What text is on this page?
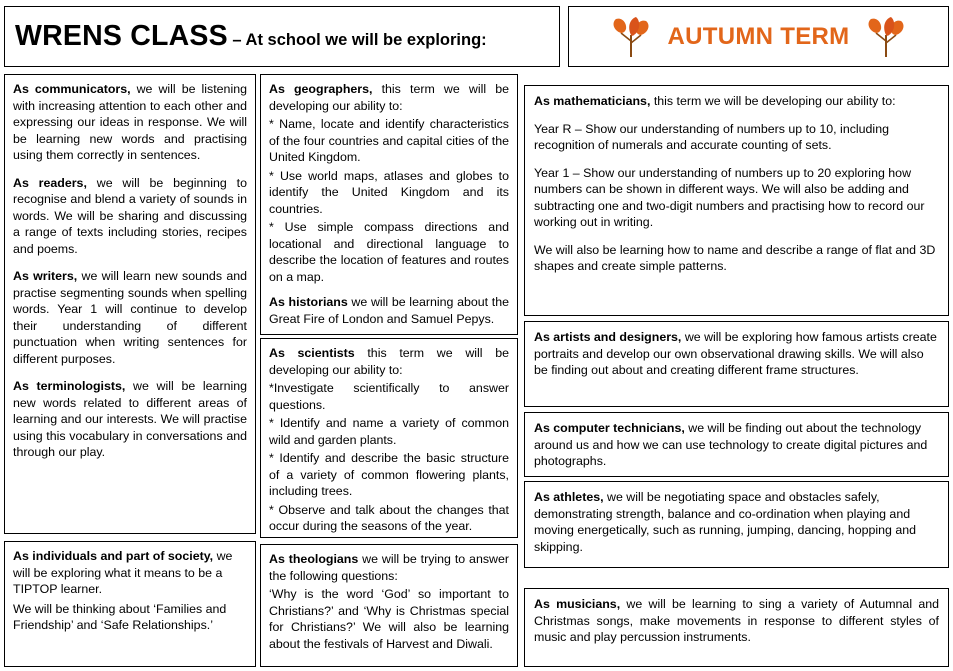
WRENS CLASS – At school we will be exploring:	AUTUMN TERM

As communicators, we will be listening with increasing attention to each other and expressing our ideas in response. We will be learning new words and practising using them correctly in sentences.

As readers, we will be beginning to recognise and blend a variety of sounds in words. We will be sharing and discussing a range of texts including stories, recipes and poems.

As writers, we will learn new sounds and practise segmenting sounds when spelling words. Year 1 will continue to develop their understanding of different punctuation when writing sentences for different purposes.

As terminologists, we will be learning new words related to different areas of learning and our interests. We will practise using this vocabulary in conversations and through our play.

As individuals and part of society, we will be exploring what it means to be a TIPTOP learner.

We will be thinking about ‘Families and Friendship’ and ‘Safe Relationships.’

As geographers, this term we will be developing our ability to:

* Name, locate and identify characteristics of the four countries and capital cities of the United Kingdom.

* Use world maps, atlases and globes to identify the United Kingdom and its countries.

* Use simple compass directions and locational and directional language to describe the location of features and routes on a map.

As historians we will be learning about the Great Fire of London and Samuel Pepys.

As scientists this term we will be developing our ability to:

*Investigate scientifically to answer questions.

* Identify and name a variety of common wild and garden plants.

* Identify and describe the basic structure of a variety of common flowering plants, including trees.

* Observe and talk about the changes that occur during the seasons of the year.

As theologians we will be trying to answer the following questions:

‘Why is the word ‘God’ so important to Christians?’ and ‘Why is Christmas special for Christians?’ We will also be learning about the festivals of Harvest and Diwali.

As mathematicians, this term we will be developing our ability to:

Year R – Show our understanding of numbers up to 10, including recognition of numerals and accurate counting of sets.

Year 1 – Show our understanding of numbers up to 20 exploring how numbers can be shown in different ways. We will also be adding and subtracting one and two-digit numbers and practising how to record our working out in writing.

We will also be learning how to name and describe a range of flat and 3D shapes and create simple patterns.

As artists and designers, we will be exploring how famous artists create portraits and develop our own observational drawing skills. We will also be finding out about and creating different frame structures.

As computer technicians, we will be finding out about the technology around us and how we can use technology to create digital pictures and photographs.

As athletes, we will be negotiating space and obstacles safely, demonstrating strength, balance and co-ordination when playing and moving energetically, such as running, jumping, dancing, hopping and skipping.

As musicians, we will be learning to sing a variety of Autumnal and Christmas songs, make movements in response to different styles of music and play percussion instruments.
